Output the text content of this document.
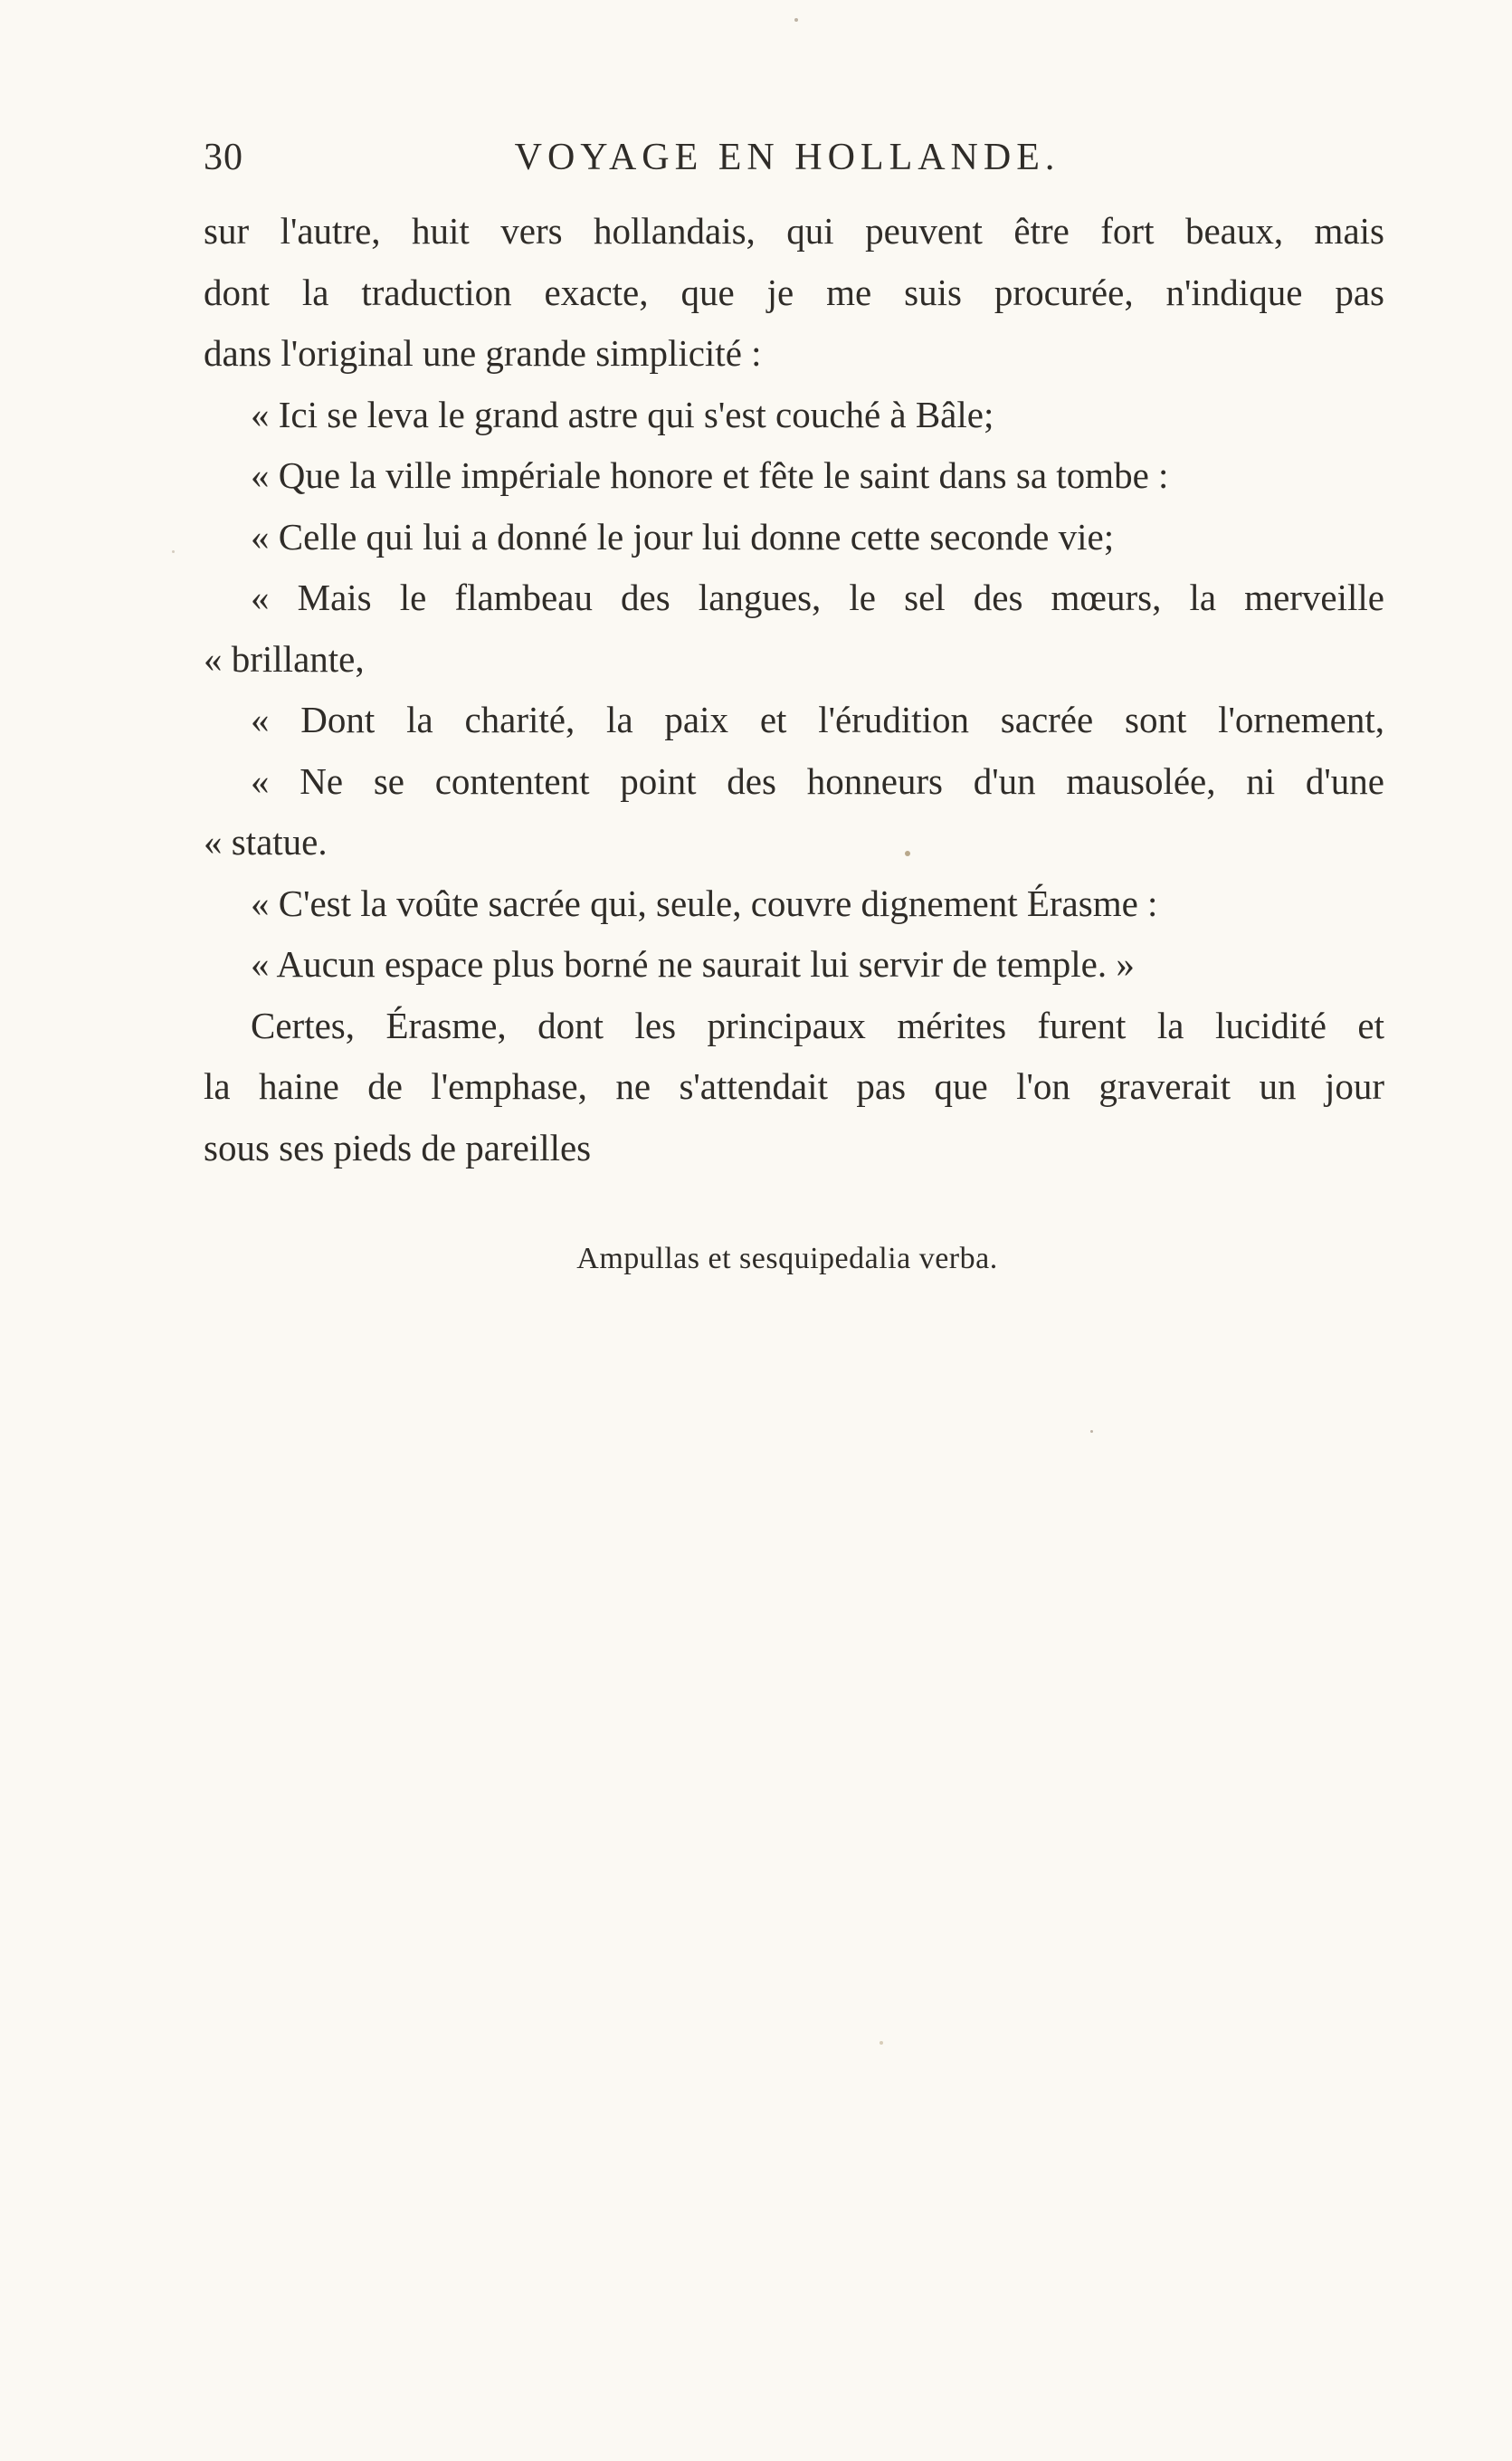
30	VOYAGE EN HOLLANDE.
sur l'autre, huit vers hollandais, qui peuvent être fort beaux, mais
dont la traduction exacte, que je me suis procurée, n'indique pas
dans l'original une grande simplicité :
« Ici se leva le grand astre qui s'est couché à Bâle;
« Que la ville impériale honore et fête le saint dans sa tombe :
« Celle qui lui a donné le jour lui donne cette seconde vie;
« Mais le flambeau des langues, le sel des mœurs, la merveille
« brillante,
« Dont la charité, la paix et l'érudition sacrée sont l'ornement,
« Ne se contentent point des honneurs d'un mausolée, ni d'une
« statue.
« C'est la voûte sacrée qui, seule, couvre dignement Érasme :
« Aucun espace plus borné ne saurait lui servir de temple. »
Certes, Érasme, dont les principaux mérites furent la lucidité et
la haine de l'emphase, ne s'attendait pas que l'on graverait un jour
sous ses pieds de pareilles
Ampullas et sesquipedalia verba.
